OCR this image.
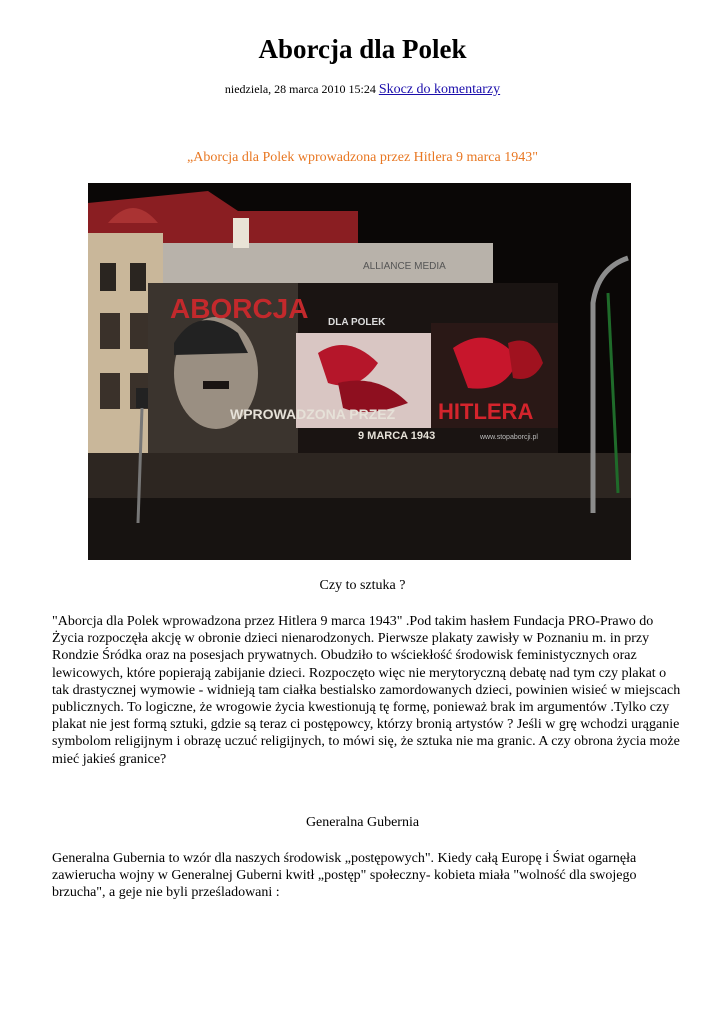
Aborcja dla Polek
niedziela, 28 marca 2010 15:24 Skocz do komentarzy
„Aborcja dla Polek wprowadzona przez Hitlera 9 marca 1943"
ALLIANCE MEDIA
ABORCJA DLA POLEK
WPROWADZONA PRZEZ HITLERA
9 MARCA 1943	www.stopaborcji.pl
Czy to sztuka ?
"Aborcja dla Polek wprowadzona przez Hitlera 9 marca 1943" .Pod takim hasłem Fundacja PRO-Prawo do Życia rozpoczęła akcję w obronie dzieci nienarodzonych. Pierwsze plakaty zawisły w Poznaniu m. in przy Rondzie Śródka oraz na posesjach prywatnych. Obudziło to wściekłość środowisk feministycznych oraz lewicowych, które popierają zabijanie dzieci. Rozpoczęto więc nie merytoryczną debatę nad tym czy plakat o tak drastycznej wymowie - widnieją tam ciałka bestialsko zamordowanych dzieci, powinien wisieć w miejscach publicznych. To logiczne, że wrogowie życia kwestionują tę formę, ponieważ brak im argumentów .Tylko czy plakat nie jest formą sztuki, gdzie są teraz ci postępowcy, którzy bronią artystów ? Jeśli w grę wchodzi urąganie symbolom religijnym i obrazę uczuć religijnych, to mówi się, że sztuka nie ma granic. A czy obrona życia może mieć jakieś granice?
Generalna Gubernia
Generalna Gubernia to wzór dla naszych środowisk „postępowych". Kiedy całą Europę i Świat ogarnęła zawierucha wojny w Generalnej Guberni kwitł „postęp" społeczny- kobieta miała "wolność dla swojego brzucha", a geje nie byli prześladowani :
